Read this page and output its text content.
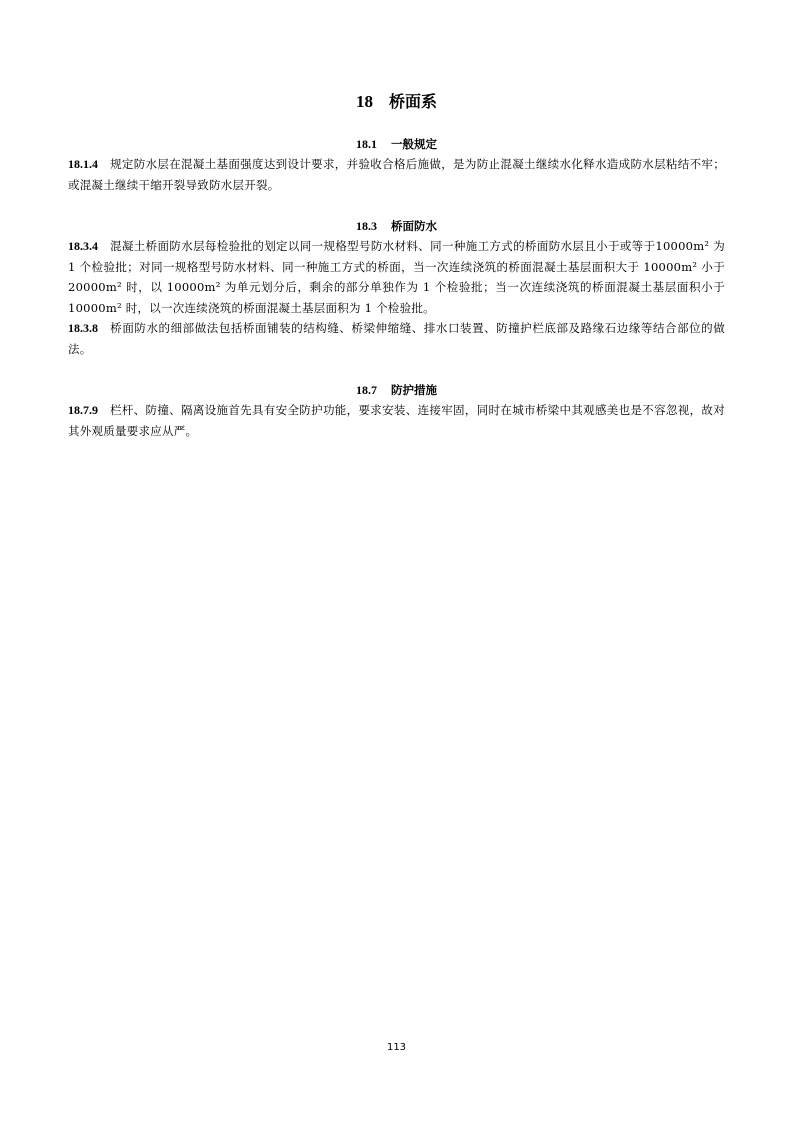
18 桥面系
18.1 一般规定
18.1.4 规定防水层在混凝土基面强度达到设计要求，并验收合格后施做，是为防止混凝土继续水化释水造成防水层粘结不牢；或混凝土继续干缩开裂导致防水层开裂。
18.3 桥面防水
18.3.4 混凝土桥面防水层每检验批的划定以同一规格型号防水材料、同一种施工方式的桥面防水层且小于或等于10000m² 为 1 个检验批；对同一规格型号防水材料、同一种施工方式的桥面，当一次连续浇筑的桥面混凝土基层面积大于 10000m² 小于 20000m² 时，以 10000m² 为单元划分后，剩余的部分单独作为 1 个检验批；当一次连续浇筑的桥面混凝土基层面积小于 10000m² 时，以一次连续浇筑的桥面混凝土基层面积为 1 个检验批。
18.3.8 桥面防水的细部做法包括桥面铺装的结构缝、桥梁伸缩缝、排水口装置、防撞护栏底部及路缘石边缘等结合部位的做法。
18.7 防护措施
18.7.9 栏杆、防撞、隔离设施首先具有安全防护功能，要求安装、连接牢固，同时在城市桥梁中其观感美也是不容忽视，故对其外观质量要求应从严。
113
